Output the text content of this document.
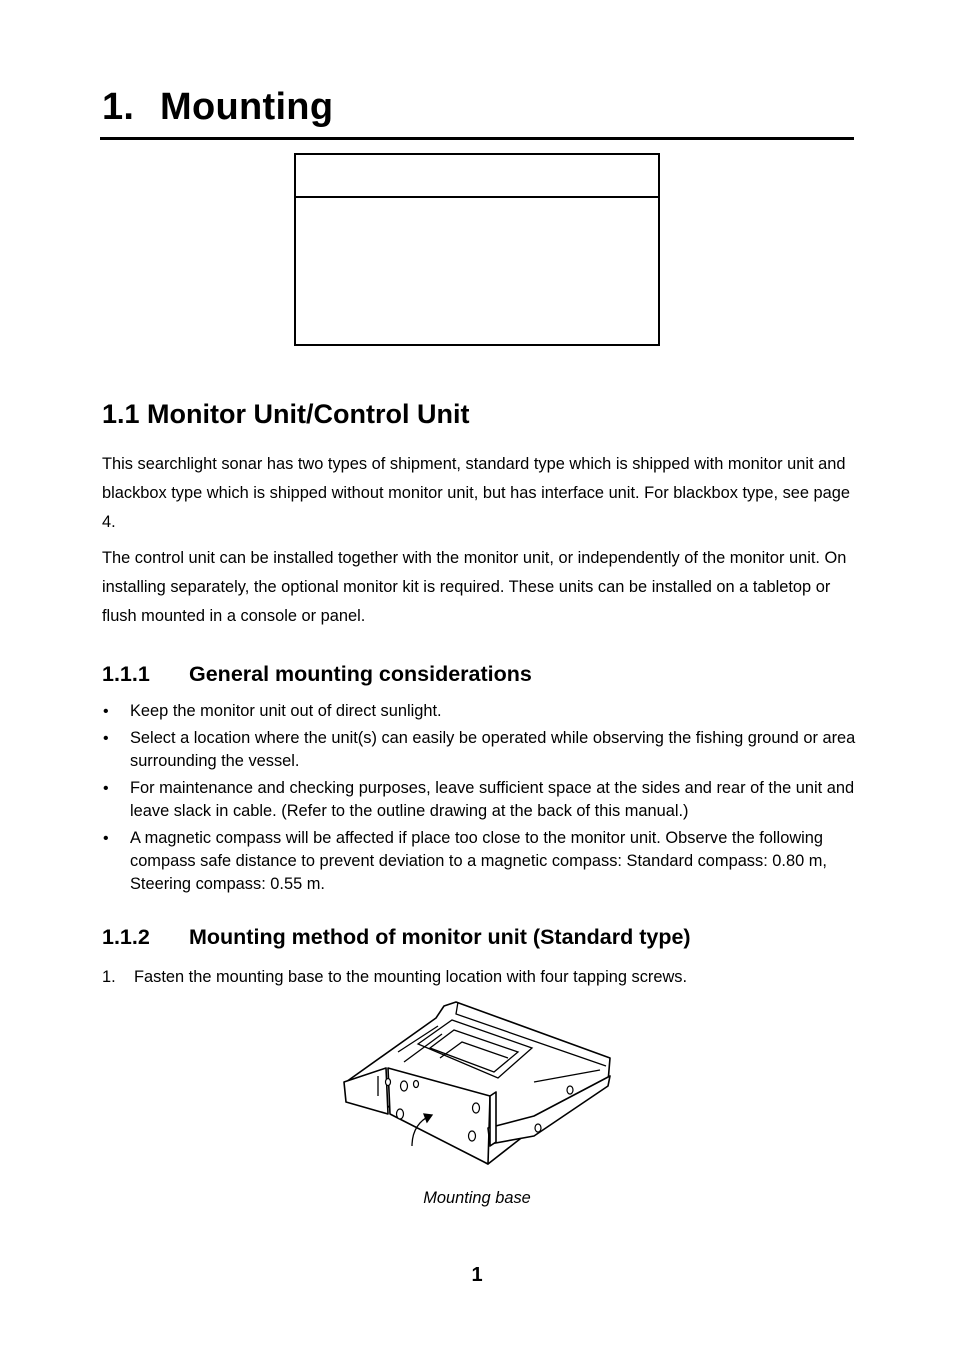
1. Mounting
1.1 Monitor Unit/Control Unit

This searchlight sonar has two types of shipment, standard type which is shipped with monitor unit and blackbox type which is shipped without monitor unit, but has interface unit. For blackbox type, see page 4.

The control unit can be installed together with the monitor unit, or independently of the monitor unit. On installing separately, the optional monitor kit is required. These units can be installed on a tabletop or flush mounted in a console or panel.

1.1.1 General mounting considerations
• Keep the monitor unit out of direct sunlight.
• Select a location where the unit(s) can easily be operated while observing the fishing ground or area surrounding the vessel.
• For maintenance and checking purposes, leave sufficient space at the sides and rear of the unit and leave slack in cable. (Refer to the outline drawing at the back of this manual.)
• A magnetic compass will be affected if place too close to the monitor unit. Observe the following compass safe distance to prevent deviation to a magnetic compass: Standard compass: 0.80 m, Steering compass: 0.55 m.
1.1.2 Mounting method of monitor unit (Standard type)
1. Fasten the mounting base to the mounting location with four tapping screws.
Mounting base
1
